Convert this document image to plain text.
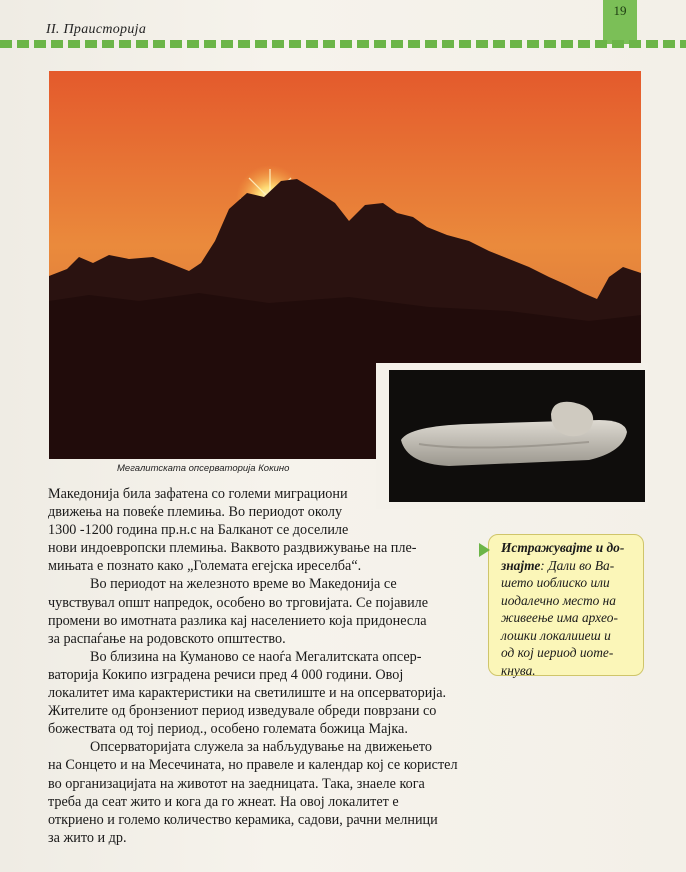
II. Праисторија
19
Мегалитската опсерваторија Кокино

Македонија била зафатена со големи миграциони
движења на повеќе племиња. Во периодот околу
1300 -1200 година пр.н.с на Балканот се доселиле
нови индоевропски племиња. Ваквото раздвижување на пле-
мињата е познато како „Големата егејска иреселба“.

Во периодот на железното време во Македонија се
чувствувал општ напредок, особено во трговијата. Се појавиле
промени во имотната разлика кај населението која придонесла
за распаѓање на родовското општество.

Во близина на Куманово се наоѓа Мегалитската опсер-
ваторија Кокипо изградена речиси пред 4 000 години. Овој
локалитет има карактеристики на светилиште и на опсерваторија.
Жителите од бронзениот период изведувале обреди поврзани со
божествата од тој период., особено големата божица Мајка.

Опсерваторијата служела за набљудување на движењето
на Сонцето и на Месечината, но правеле и календар кој се користел
во организацијата на животот на заедницата. Така, знаеле кога
треба да сеат жито и кога да го жнеат. На овој локалитет е
откриено и големо количество керамика, садови, рачни мелници
за жито и др.

Истражувајте и до-
знајте: Дали во Ва-
шето иоблиско или
иодалечно место на
живеење има архео-
лошки локалииеш и
од кој иериод иоте-
кнува.
